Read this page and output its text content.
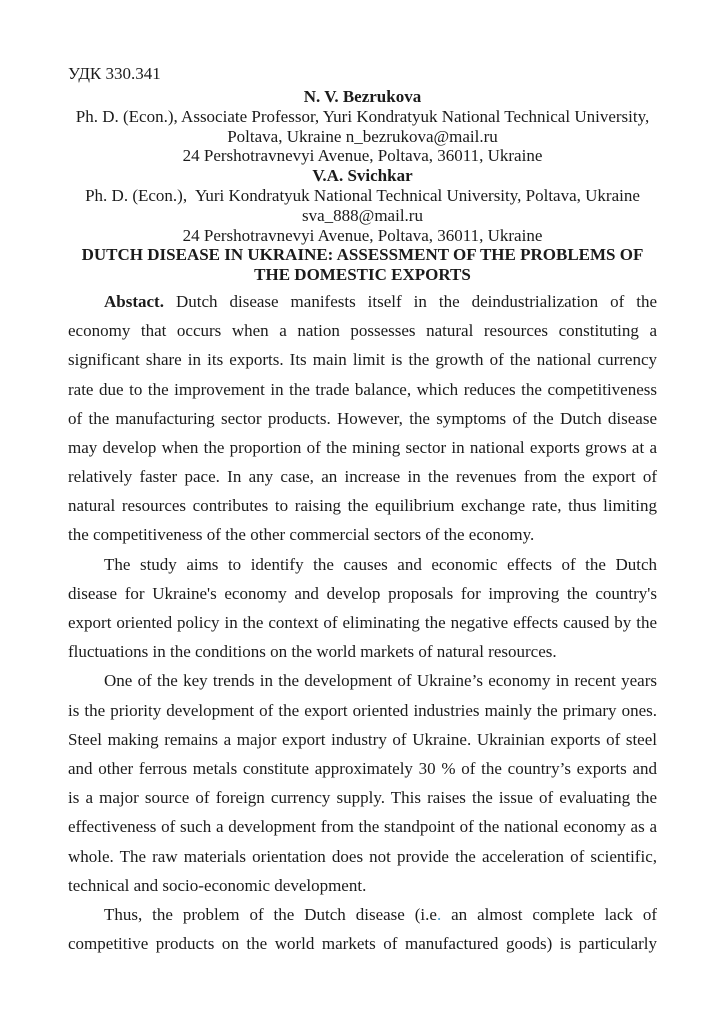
УДК 330.341
N. V. Bezrukova
Ph. D. (Econ.), Associate Professor, Yuri Kondratyuk National Technical University,
Poltava, Ukraine n_bezrukova@mail.ru
24 Pershotravnevyi Avenue, Poltava, 36011, Ukraine
V.A. Svichkar
Ph. D. (Econ.),  Yuri Kondratyuk National Technical University, Poltava, Ukraine
sva_888@mail.ru
24 Pershotravnevyi Avenue, Poltava, 36011, Ukraine
DUTCH DISEASE IN UKRAINE: ASSESSMENT OF THE PROBLEMS OF
THE DOMESTIC EXPORTS
Abstact. Dutch disease manifests itself in the deindustrialization of the
economy that occurs when a nation possesses natural resources constituting a
significant share in its exports. Its main limit is the growth of the national currency
rate due to the improvement in the trade balance, which reduces the competitiveness
of the manufacturing sector products. However, the symptoms of the Dutch disease
may develop when the proportion of the mining sector in national exports grows at a
relatively faster pace. In any case, an increase in the revenues from the export of
natural resources contributes to raising the equilibrium exchange rate, thus limiting
the competitiveness of the other commercial sectors of the economy.
The study aims to identify the causes and economic effects of the Dutch
disease for Ukraine's economy and develop proposals for improving the country's
export oriented policy in the context of eliminating the negative effects caused by the
fluctuations in the conditions on the world markets of natural resources.
One of the key trends in the development of Ukraine’s economy in recent years
is the priority development of the export oriented industries mainly the primary ones.
Steel making remains a major export industry of Ukraine. Ukrainian exports of steel
and other ferrous metals constitute approximately 30 % of the country’s exports and
is a major source of foreign currency supply. This raises the issue of evaluating the
effectiveness of such a development from the standpoint of the national economy as a
whole. The raw materials orientation does not provide the acceleration of scientific,
technical and socio-economic development.
Thus, the problem of the Dutch disease (i.e. an almost complete lack of
competitive products on the world markets of manufactured goods) is particularly
